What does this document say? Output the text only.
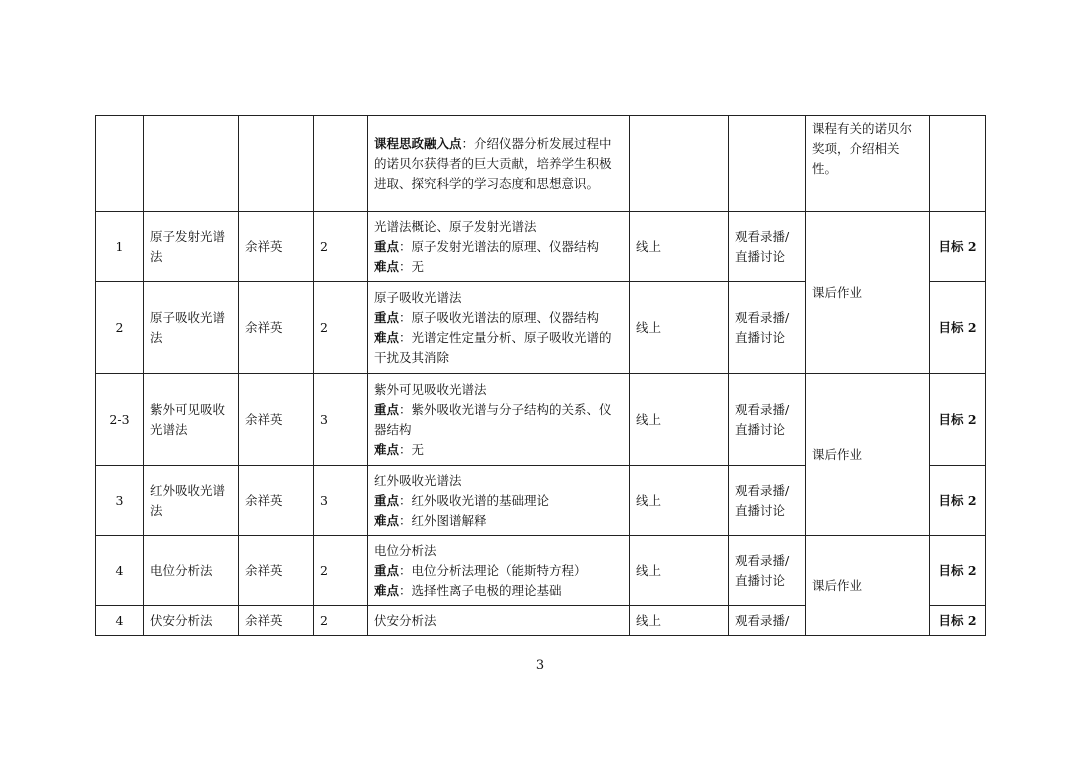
				课程思政融入点：介绍仪器分析发展过程中的诺贝尔获得者的巨大贡献，培养学生积极进取、探究科学的学习态度和思想意识。			课程有关的诺贝尔奖项，介绍相关性。	
1	原子发射光谱法	余祥英	2	光谱法概论、原子发射光谱法
重点：原子发射光谱法的原理、仪器结构
难点：无	线上	观看录播/直播讨论	课后作业	目标 2
2	原子吸收光谱法	余祥英	2	原子吸收光谱法
重点：原子吸收光谱法的原理、仪器结构
难点：光谱定性定量分析、原子吸收光谱的干扰及其消除	线上	观看录播/直播讨论		目标 2
2-3	紫外可见吸收光谱法	余祥英	3	紫外可见吸收光谱法
重点：紫外吸收光谱与分子结构的关系、仪器结构
难点：无	线上	观看录播/直播讨论	课后作业	目标 2
3	红外吸收光谱法	余祥英	3	红外吸收光谱法
重点：红外吸收光谱的基础理论
难点：红外图谱解释	线上	观看录播/直播讨论		目标 2
4	电位分析法	余祥英	2	电位分析法
重点：电位分析法理论（能斯特方程）
难点：选择性离子电极的理论基础	线上	观看录播/直播讨论	课后作业	目标 2
4	伏安分析法	余祥英	2	伏安分析法	线上	观看录播/		目标 2
3
